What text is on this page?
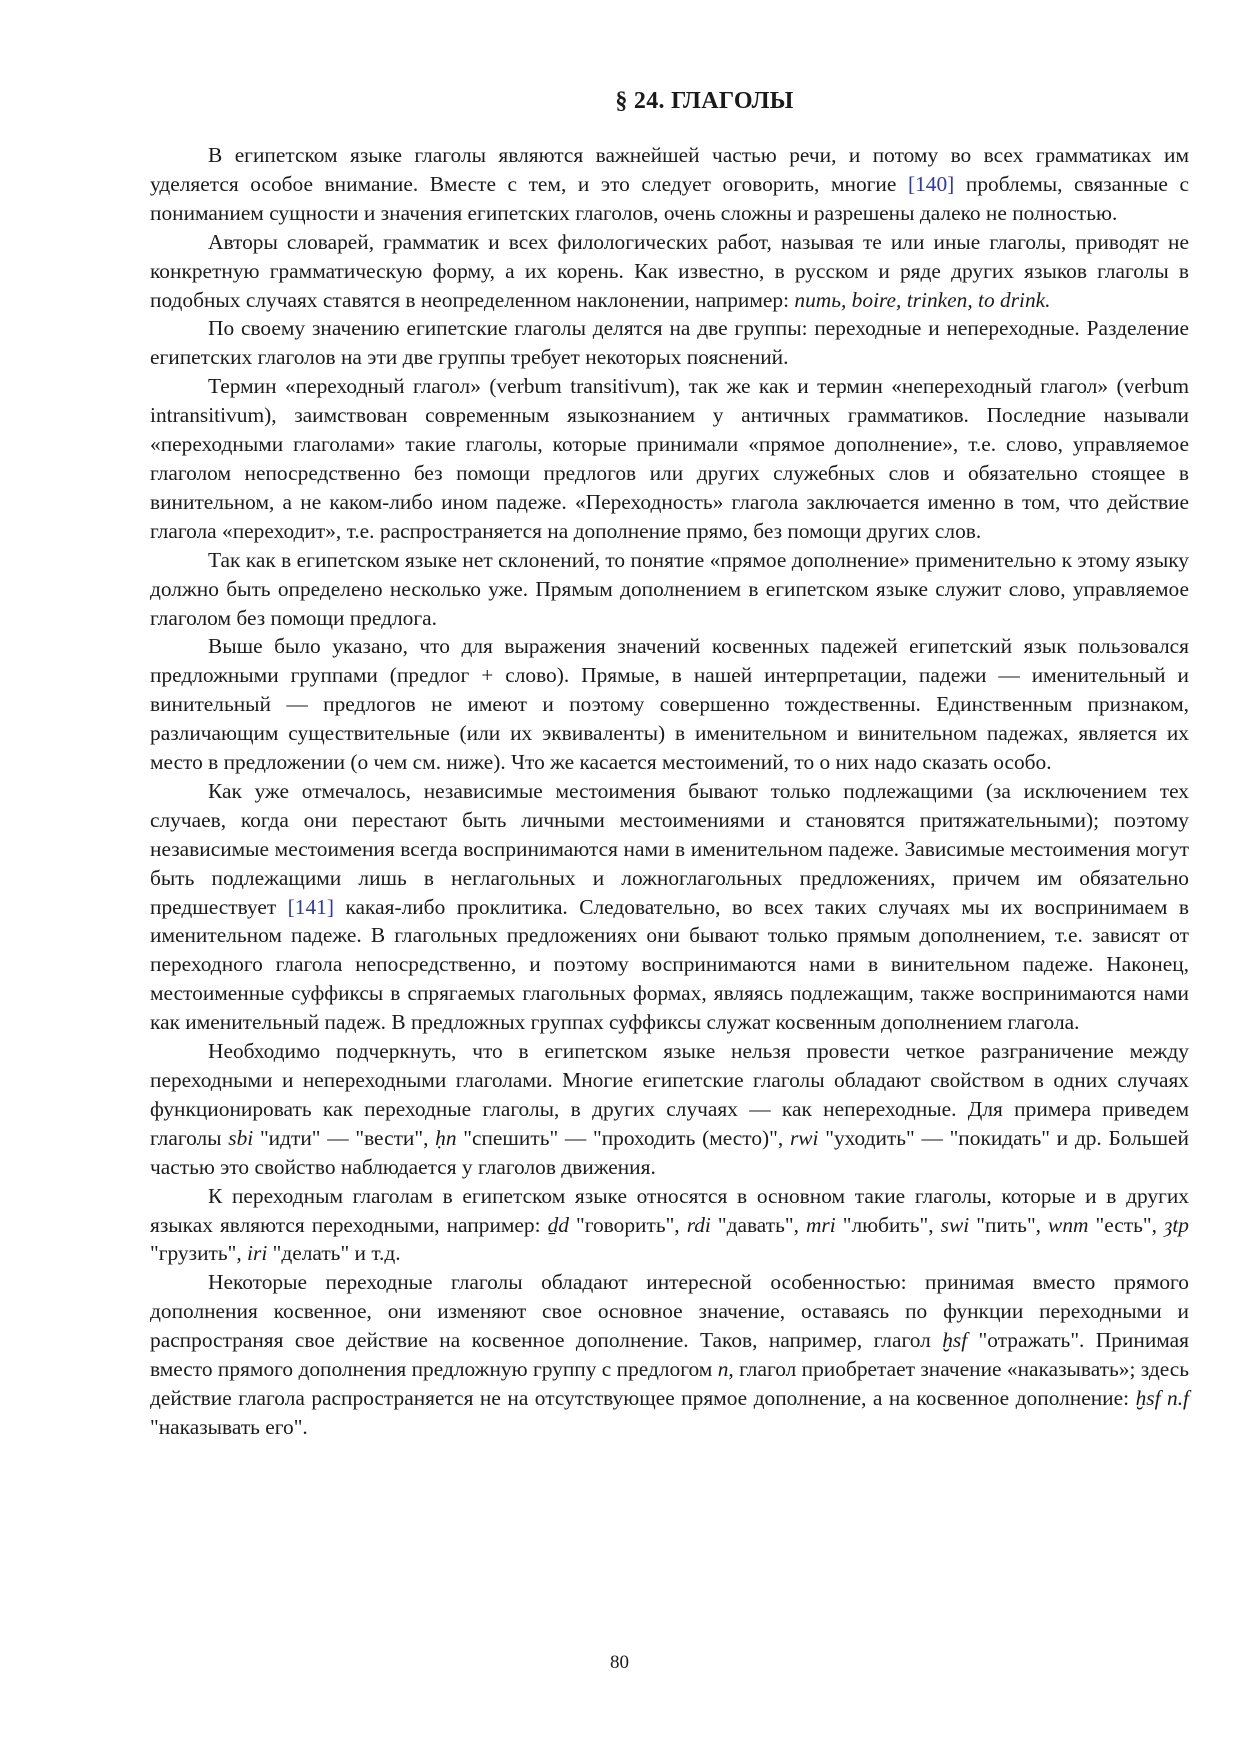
§ 24. ГЛАГОЛЫ

В египетском языке глаголы являются важнейшей частью речи, и потому во всех грамматиках им уделяется особое внимание. Вместе с тем, и это следует оговорить, многие [140] проблемы, связанные с пониманием сущности и значения египетских глаголов, очень сложны и разрешены далеко не полностью.

Авторы словарей, грамматик и всех филологических работ, называя те или иные глаголы, приводят не конкретную грамматическую форму, а их корень. Как известно, в русском и ряде других языков глаголы в подобных случаях ставятся в неопределенном наклонении, например: пить, boire, trinken, to drink.

По своему значению египетские глаголы делятся на две группы: переходные и непереходные. Разделение египетских глаголов на эти две группы требует некоторых пояснений.

Термин «переходный глагол» (verbum transitivum), так же как и термин «непереходный глагол» (verbum intransitivum), заимствован современным языкознанием у античных грамматиков. Последние называли «переходными глаголами» такие глаголы, которые принимали «прямое дополнение», т.е. слово, управляемое глаголом непосредственно без помощи предлогов или других служебных слов и обязательно стоящее в винительном, а не каком-либо ином падеже. «Переходность» глагола заключается именно в том, что действие глагола «переходит», т.е. распространяется на дополнение прямо, без помощи других слов.

Так как в египетском языке нет склонений, то понятие «прямое дополнение» применительно к этому языку должно быть определено несколько уже. Прямым дополнением в египетском языке служит слово, управляемое глаголом без помощи предлога.

Выше было указано, что для выражения значений косвенных падежей египетский язык пользовался предложными группами (предлог + слово). Прямые, в нашей интерпретации, падежи — именительный и винительный — предлогов не имеют и поэтому совершенно тождественны. Единственным признаком, различающим существительные (или их эквиваленты) в именительном и винительном падежах, является их место в предложении (о чем см. ниже). Что же касается местоимений, то о них надо сказать особо.

Как уже отмечалось, независимые местоимения бывают только подлежащими (за исключением тех случаев, когда они перестают быть личными местоимениями и становятся притяжательными); поэтому независимые местоимения всегда воспринимаются нами в именительном падеже. Зависимые местоимения могут быть подлежащими лишь в неглагольных и ложноглагольных предложениях, причем им обязательно предшествует [141] какая-либо проклитика. Следовательно, во всех таких случаях мы их воспринимаем в именительном падеже. В глагольных предложениях они бывают только прямым дополнением, т.е. зависят от переходного глагола непосредственно, и поэтому воспринимаются нами в винительном падеже. Наконец, местоименные суффиксы в спрягаемых глагольных формах, являясь подлежащим, также воспринимаются нами как именительный падеж. В предложных группах суффиксы служат косвенным дополнением глагола.

Необходимо подчеркнуть, что в египетском языке нельзя провести четкое разграничение между переходными и непереходными глаголами. Многие египетские глаголы обладают свойством в одних случаях функционировать как переходные глаголы, в других случаях — как непереходные. Для примера приведем глаголы sbi "идти" — "вести", ḥn "спешить" — "проходить (место)", rwi "уходить" — "покидать" и др. Большей частью это свойство наблюдается у глаголов движения.

К переходным глаголам в египетском языке относятся в основном такие глаголы, которые и в других языках являются переходными, например: ḏd "говорить", rdi "давать", mri "любить", swi "пить", wnm "есть", ȝtp "грузить", iri "делать" и т.д.

Некоторые переходные глаголы обладают интересной особенностью: принимая вместо прямого дополнения косвенное, они изменяют свое основное значение, оставаясь по функции переходными и распространяя свое действие на косвенное дополнение. Таков, например, глагол ḫsf "отражать". Принимая вместо прямого дополнения предложную группу с предлогом n, глагол приобретает значение «наказывать»; здесь действие глагола распространяется не на отсутствующее прямое дополнение, а на косвенное дополнение: ḫsf n.f "наказывать его".

80
